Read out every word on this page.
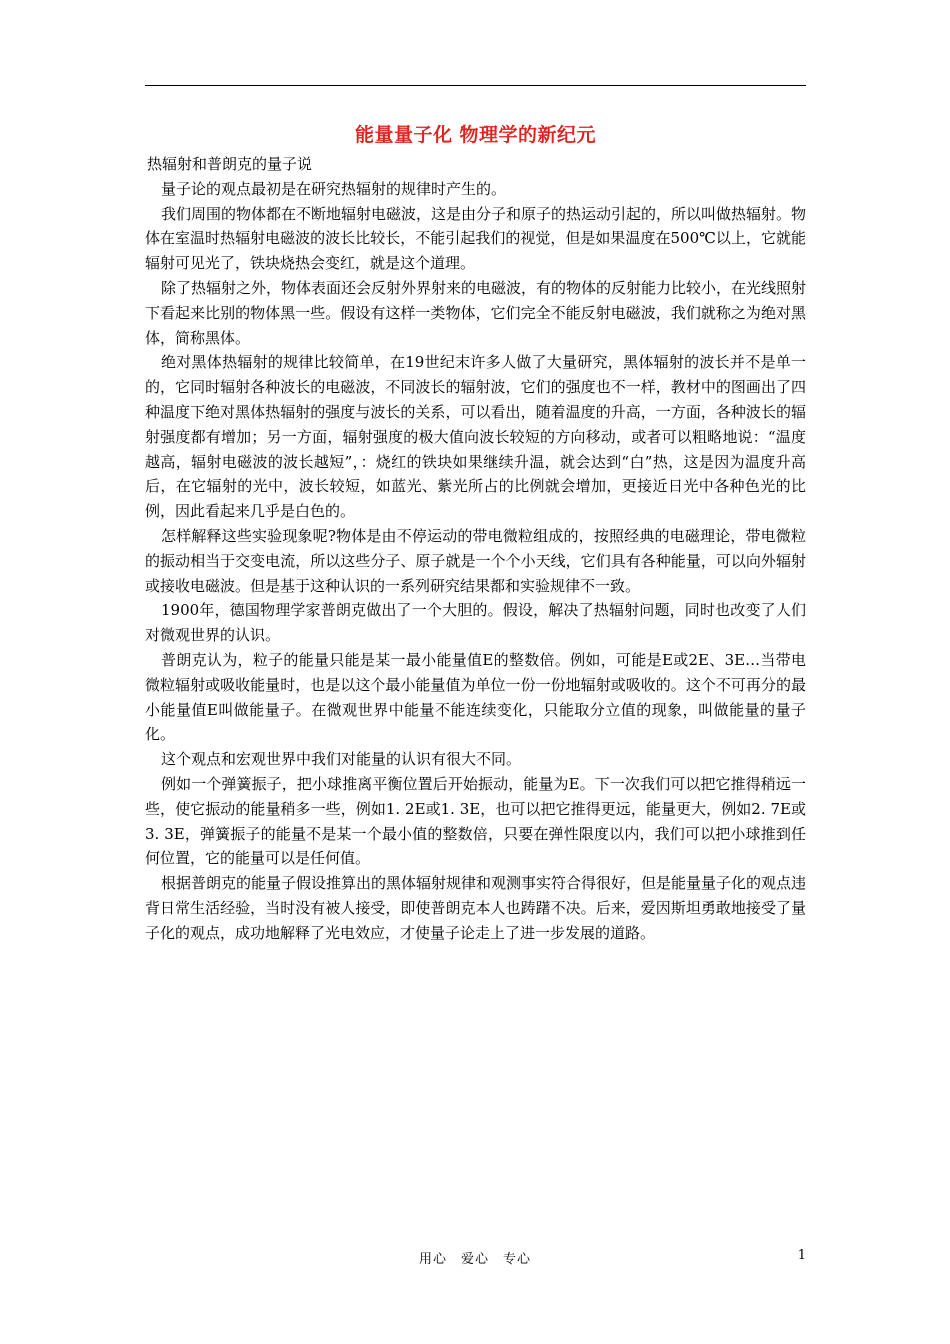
能量量子化 物理学的新纪元

热辐射和普朗克的量子说

量子论的观点最初是在研究热辐射的规律时产生的。

我们周围的物体都在不断地辐射电磁波，这是由分子和原子的热运动引起的，所以叫做热辐射。物体在室温时热辐射电磁波的波长比较长，不能引起我们的视觉，但是如果温度在500℃以上，它就能辐射可见光了，铁块烧热会变红，就是这个道理。

除了热辐射之外，物体表面还会反射外界射来的电磁波，有的物体的反射能力比较小，在光线照射下看起来比别的物体黑一些。假设有这样一类物体，它们完全不能反射电磁波，我们就称之为绝对黑体，简称黑体。

绝对黑体热辐射的规律比较简单，在19世纪末许多人做了大量研究，黑体辐射的波长并不是单一的，它同时辐射各种波长的电磁波，不同波长的辐射波，它们的强度也不一样，教材中的图画出了四种温度下绝对黑体热辐射的强度与波长的关系，可以看出，随着温度的升高，一方面，各种波长的辐射强度都有增加；另一方面，辐射强度的极大值向波长较短的方向移动，或者可以粗略地说：“温度越高，辐射电磁波的波长越短”，：烧红的铁块如果继续升温，就会达到“白”热，这是因为温度升高后，在它辐射的光中，波长较短，如蓝光、紫光所占的比例就会增加，更接近日光中各种色光的比例，因此看起来几乎是白色的。

怎样解释这些实验现象呢?物体是由不停运动的带电微粒组成的，按照经典的电磁理论，带电微粒的振动相当于交变电流，所以这些分子、原子就是一个个小天线，它们具有各种能量，可以向外辐射或接收电磁波。但是基于这种认识的一系列研究结果都和实验规律不一致。

1900年，德国物理学家普朗克做出了一个大胆的。假设，解决了热辐射问题，同时也改变了人们对微观世界的认识。

普朗克认为，粒子的能量只能是某一最小能量值E的整数倍。例如，可能是E或2E、3E…当带电微粒辐射或吸收能量时，也是以这个最小能量值为单位一份一份地辐射或吸收的。这个不可再分的最小能量值E叫做能量子。在微观世界中能量不能连续变化，只能取分立值的现象，叫做能量的量子化。

这个观点和宏观世界中我们对能量的认识有很大不同。

例如一个弹簧振子，把小球推离平衡位置后开始振动，能量为E。下一次我们可以把它推得稍远一些，使它振动的能量稍多一些，例如1. 2E或1. 3E，也可以把它推得更远，能量更大，例如2. 7E或3. 3E，弹簧振子的能量不是某一个最小值的整数倍，只要在弹性限度以内，我们可以把小球推到任何位置，它的能量可以是任何值。

根据普朗克的能量子假设推算出的黑体辐射规律和观测事实符合得很好，但是能量量子化的观点违背日常生活经验，当时没有被人接受，即使普朗克本人也踌躇不决。后来，爱因斯坦勇敢地接受了量子化的观点，成功地解释了光电效应，才使量子论走上了进一步发展的道路。

用心　爱心　专心	1
